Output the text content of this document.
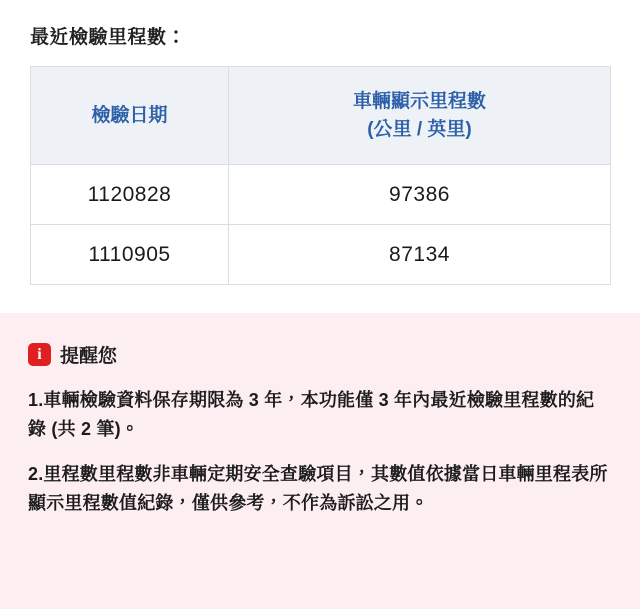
最近檢驗里程數：
檢驗日期	車輛顯示里程數
(公里 / 英里)

1120828	97386
1110905	87134
i 提醒您

1.車輛檢驗資料保存期限為 3 年，本功能僅 3 年內最近檢驗里程數的紀錄 (共 2 筆)。

2.里程數里程數非車輛定期安全查驗項目，其數值依據當日車輛里程表所顯示里程數值紀錄，僅供參考，不作為訴訟之用。
